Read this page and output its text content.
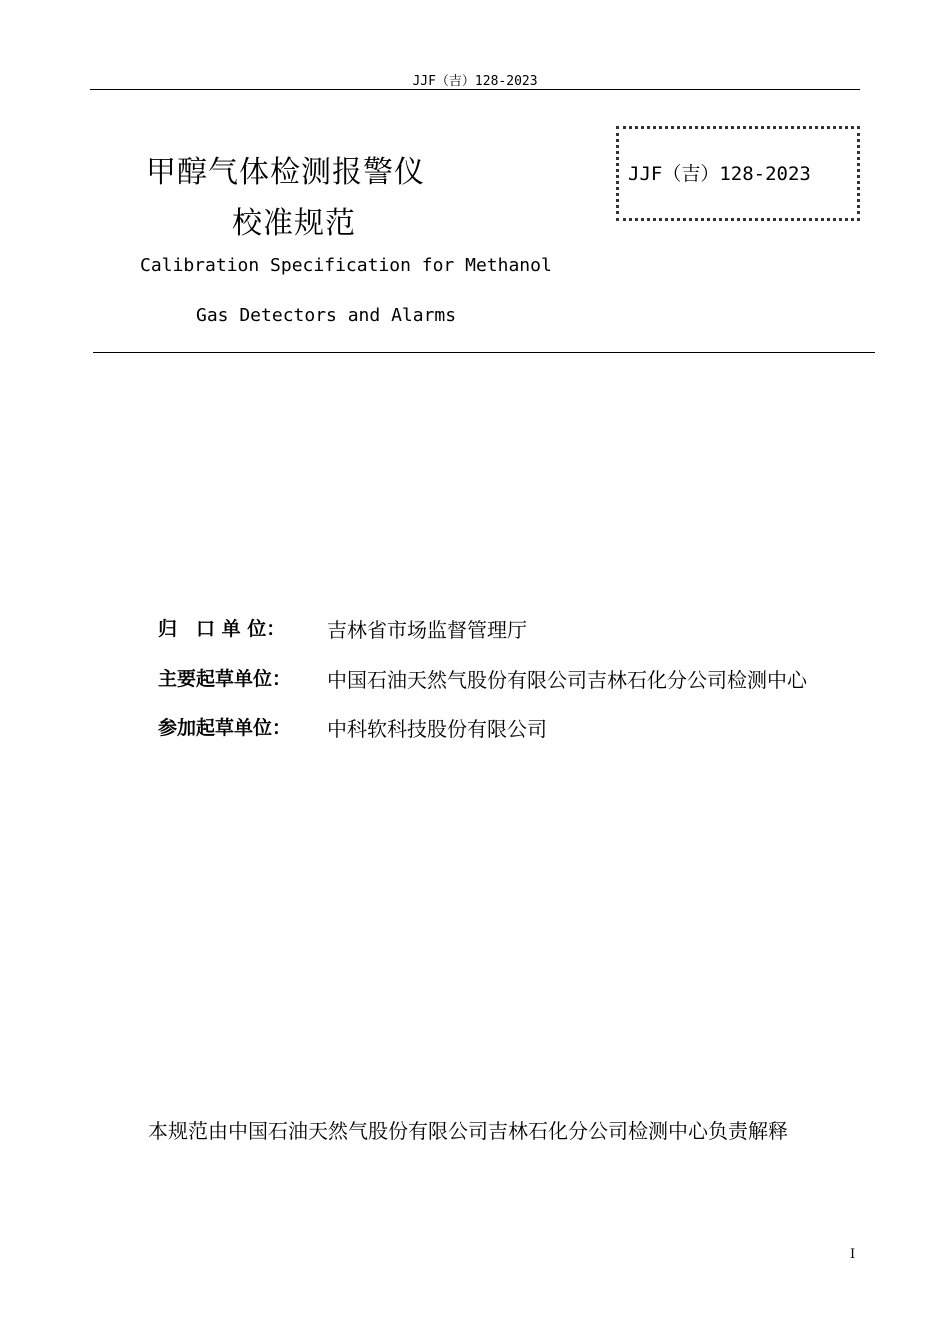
JJF（吉）128-2023
甲醇气体检测报警仪
校准规范
JJF（吉）128-2023
Calibration Specification for Methanol
Gas Detectors and Alarms
归　口 单 位： 吉林省市场监督管理厅
主要起草单位： 中国石油天然气股份有限公司吉林石化分公司检测中心
参加起草单位： 中科软科技股份有限公司
本规范由中国石油天然气股份有限公司吉林石化分公司检测中心负责解释
I
